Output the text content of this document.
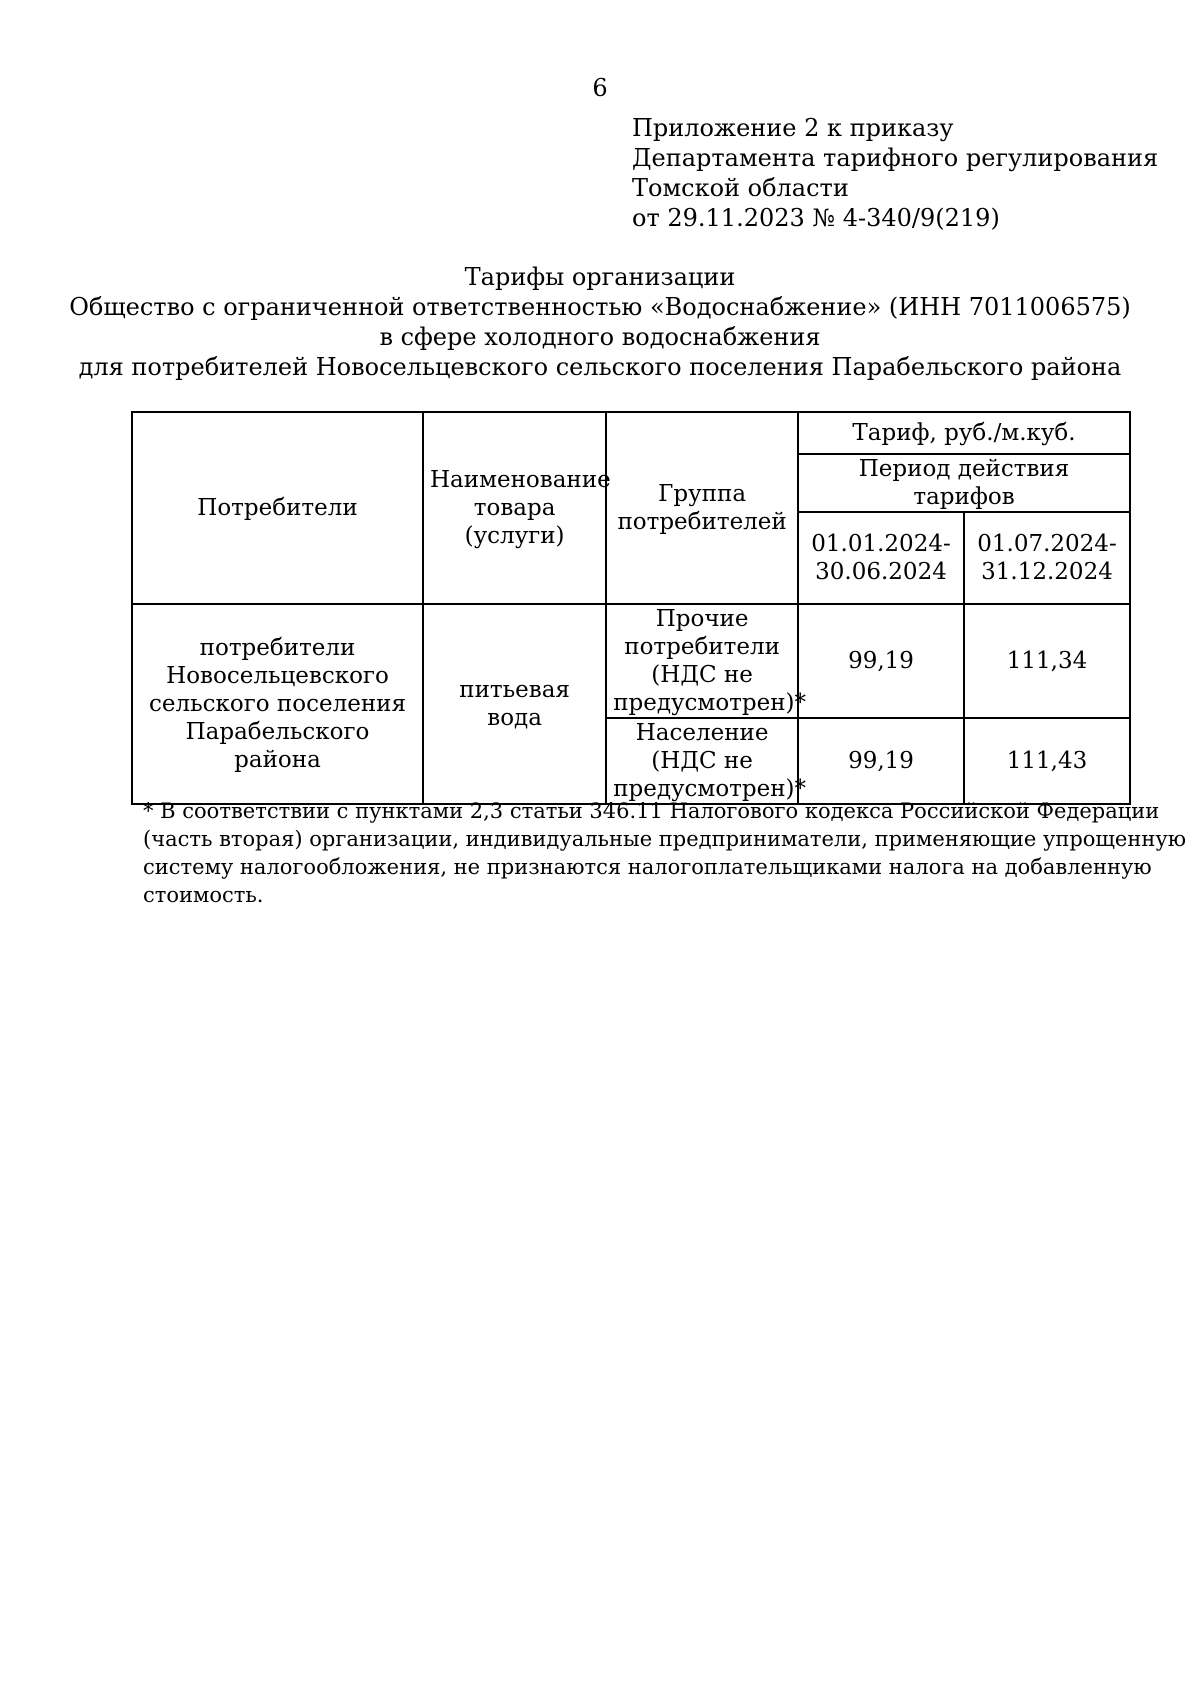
6
Приложение 2 к приказу
Департамента тарифного регулирования
Томской области
от 29.11.2023 № 4-340/9(219)
Тарифы организации
Общество с ограниченной ответственностью «Водоснабжение» (ИНН 7011006575)
в сфере холодного водоснабжения
для потребителей Новосельцевского сельского поселения Парабельского района
Потребители	Наименование товара (услуги)	Группа потребителей	Тариф, руб./м.куб.	
			Период действия тарифов	
			01.01.2024-30.06.2024	01.07.2024-31.12.2024
потребители Новосельцевского сельского поселения Парабельского района	питьевая вода	Прочие потребители (НДС не предусмотрен)*	99,19	111,34
		Население (НДС не предусмотрен)*	99,19	111,43
* В соответствии с пунктами 2,3 статьи 346.11 Налогового кодекса Российской Федерации
(часть вторая) организации, индивидуальные предприниматели, применяющие упрощенную
систему налогообложения, не признаются налогоплательщиками налога на добавленную
стоимость.
